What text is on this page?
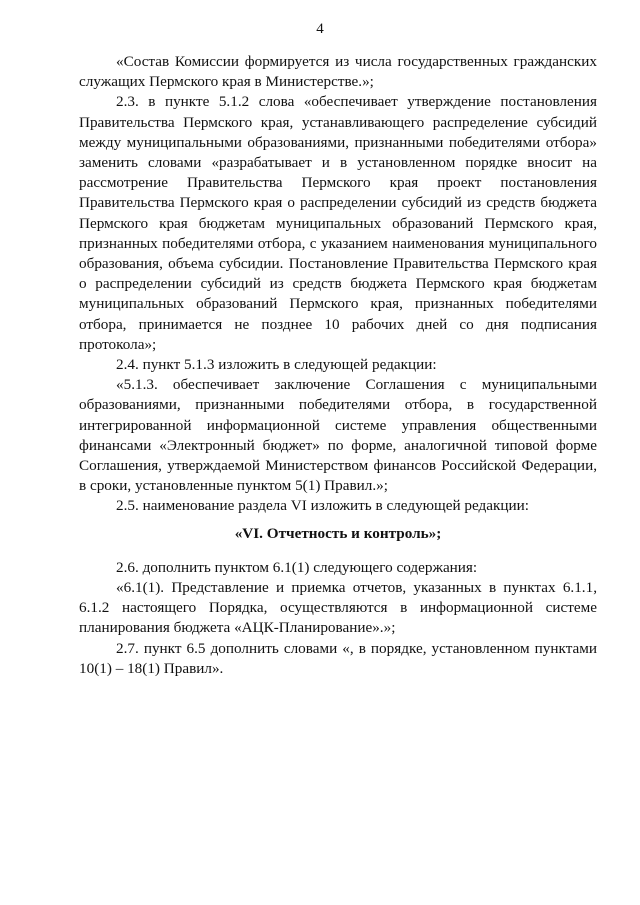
4

«Состав Комиссии формируется из числа государственных гражданских служащих Пермского края в Министерстве.»;

2.3. в пункте 5.1.2 слова «обеспечивает утверждение постановления Правительства Пермского края, устанавливающего распределение субсидий между муниципальными образованиями, признанными победителями отбора» заменить словами «разрабатывает и в установленном порядке вносит на рассмотрение Правительства Пермского края проект постановления Правительства Пермского края о распределении субсидий из средств бюджета Пермского края бюджетам муниципальных образований Пермского края, признанных победителями отбора, с указанием наименования муниципального образования, объема субсидии. Постановление Правительства Пермского края о распределении субсидий из средств бюджета Пермского края бюджетам муниципальных образований Пермского края, признанных победителями отбора, принимается не позднее 10 рабочих дней со дня подписания протокола»;

2.4. пункт 5.1.3 изложить в следующей редакции:

«5.1.3. обеспечивает заключение Соглашения с муниципальными образованиями, признанными победителями отбора, в государственной интегрированной информационной системе управления общественными финансами «Электронный бюджет» по форме, аналогичной типовой форме Соглашения, утверждаемой Министерством финансов Российской Федерации, в сроки, установленные пунктом 5(1) Правил.»;

2.5. наименование раздела VI изложить в следующей редакции:

«VI. Отчетность и контроль»;

2.6. дополнить пунктом 6.1(1) следующего содержания:

«6.1(1). Представление и приемка отчетов, указанных в пунктах 6.1.1, 6.1.2 настоящего Порядка, осуществляются в информационной системе планирования бюджета «АЦК-Планирование».»;

2.7. пункт 6.5 дополнить словами «, в порядке, установленном пунктами 10(1) – 18(1) Правил».
